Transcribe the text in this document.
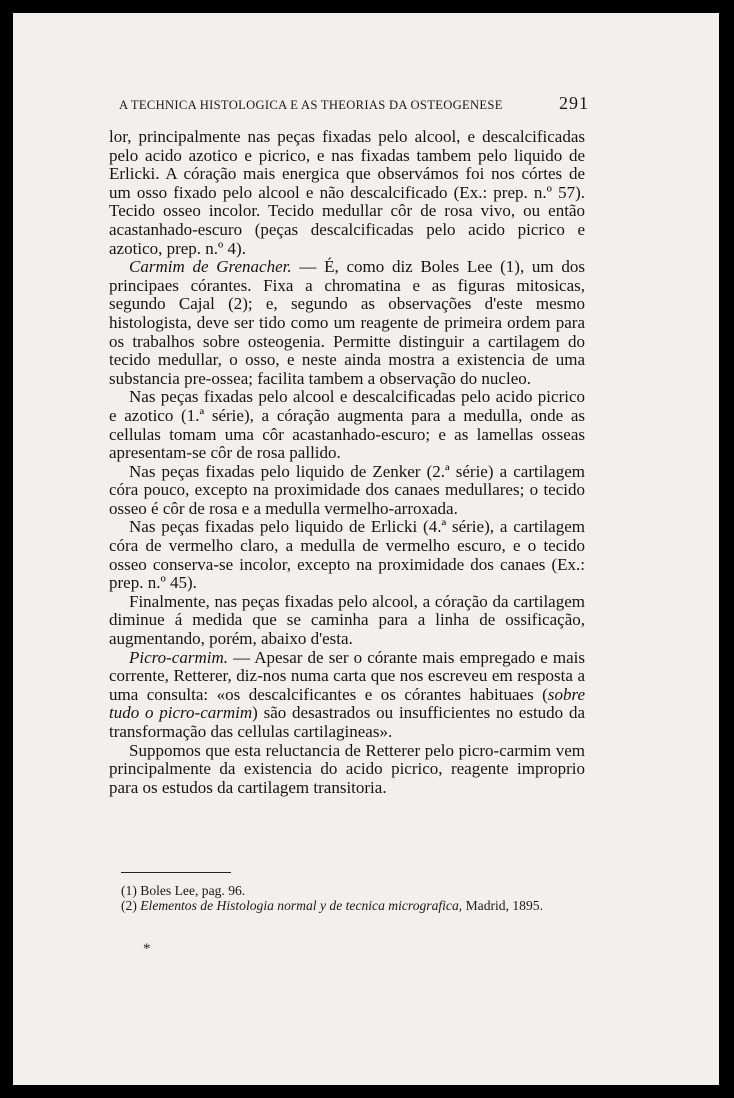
A TECHNICA HISTOLOGICA E AS THEORIAS DA OSTEOGENESE	291

lor, principalmente nas peças fixadas pelo alcool, e descalcificadas pelo acido azotico e picrico, e nas fixadas tambem pelo liquido de Erlicki. A córação mais energica que observámos foi nos córtes de um osso fixado pelo alcool e não descalcificado (Ex.: prep. n.º 57). Tecido osseo incolor. Tecido medullar côr de rosa vivo, ou então acastanhado-escuro (peças descalcificadas pelo acido picrico e azotico, prep. n.º 4).

Carmim de Grenacher. — É, como diz Boles Lee (1), um dos principaes córantes. Fixa a chromatina e as figuras mitosicas, segundo Cajal (2); e, segundo as observações d'este mesmo histologista, deve ser tido como um reagente de primeira ordem para os trabalhos sobre osteogenia. Permitte distinguir a cartilagem do tecido medullar, o osso, e neste ainda mostra a existencia de uma substancia pre-ossea; facilita tambem a observação do nucleo.

Nas peças fixadas pelo alcool e descalcificadas pelo acido picrico e azotico (1.ª série), a córação augmenta para a medulla, onde as cellulas tomam uma côr acastanhado-escuro; e as lamellas osseas apresentam-se côr de rosa pallido.

Nas peças fixadas pelo liquido de Zenker (2.ª série) a cartilagem córa pouco, excepto na proximidade dos canaes medullares; o tecido osseo é côr de rosa e a medulla vermelho-arroxada.

Nas peças fixadas pelo liquido de Erlicki (4.ª série), a cartilagem córa de vermelho claro, a medulla de vermelho escuro, e o tecido osseo conserva-se incolor, excepto na proximidade dos canaes (Ex.: prep. n.º 45).

Finalmente, nas peças fixadas pelo alcool, a córação da cartilagem diminue á medida que se caminha para a linha de ossificação, augmentando, porém, abaixo d'esta.

Picro-carmim. — Apesar de ser o córante mais empregado e mais corrente, Retterer, diz-nos numa carta que nos escreveu em resposta a uma consulta: «os descalcificantes e os córantes habituaes (sobre tudo o picro-carmim) são desastrados ou insufficientes no estudo da transformação das cellulas cartilagineas».

Suppomos que esta reluctancia de Retterer pelo picro-carmim vem principalmente da existencia do acido picrico, reagente improprio para os estudos da cartilagem transitoria.

(1) Boles Lee, pag. 96.

(2) Elementos de Histologia normal y de tecnica micrografica, Madrid, 1895.

*
